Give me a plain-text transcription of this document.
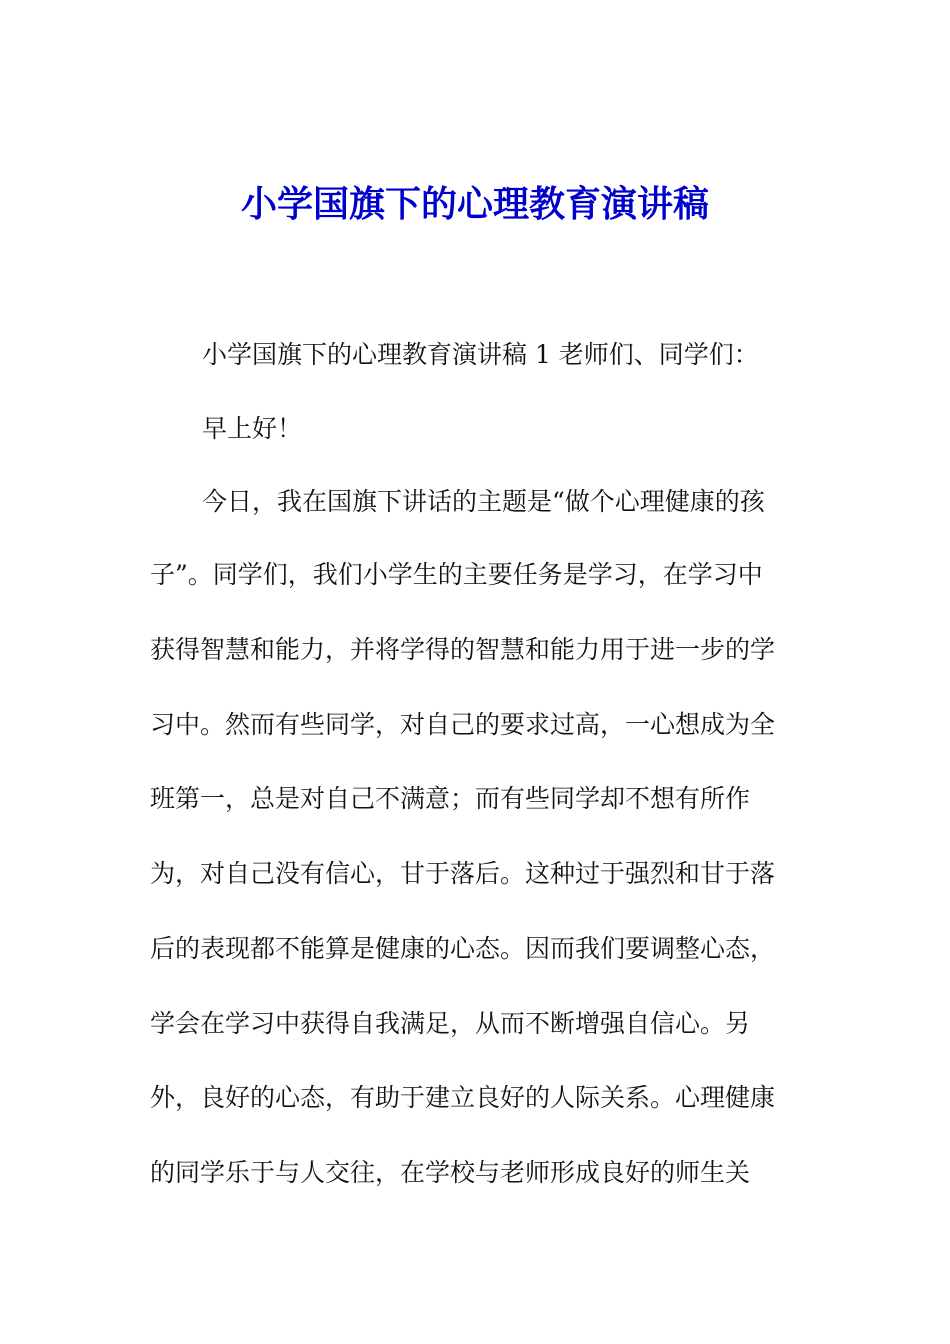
小学国旗下的心理教育演讲稿
小学国旗下的心理教育演讲稿 1 老师们、同学们：
早上好！
今日，我在国旗下讲话的主题是“做个心理健康的孩
子”。同学们，我们小学生的主要任务是学习，在学习中
获得智慧和能力，并将学得的智慧和能力用于进一步的学
习中。然而有些同学，对自己的要求过高，一心想成为全
班第一，总是对自己不满意；而有些同学却不想有所作
为，对自己没有信心，甘于落后。这种过于强烈和甘于落
后的表现都不能算是健康的心态。因而我们要调整心态，
学会在学习中获得自我满足，从而不断增强自信心。另
外，良好的心态，有助于建立良好的人际关系。心理健康
的同学乐于与人交往，在学校与老师形成良好的师生关
